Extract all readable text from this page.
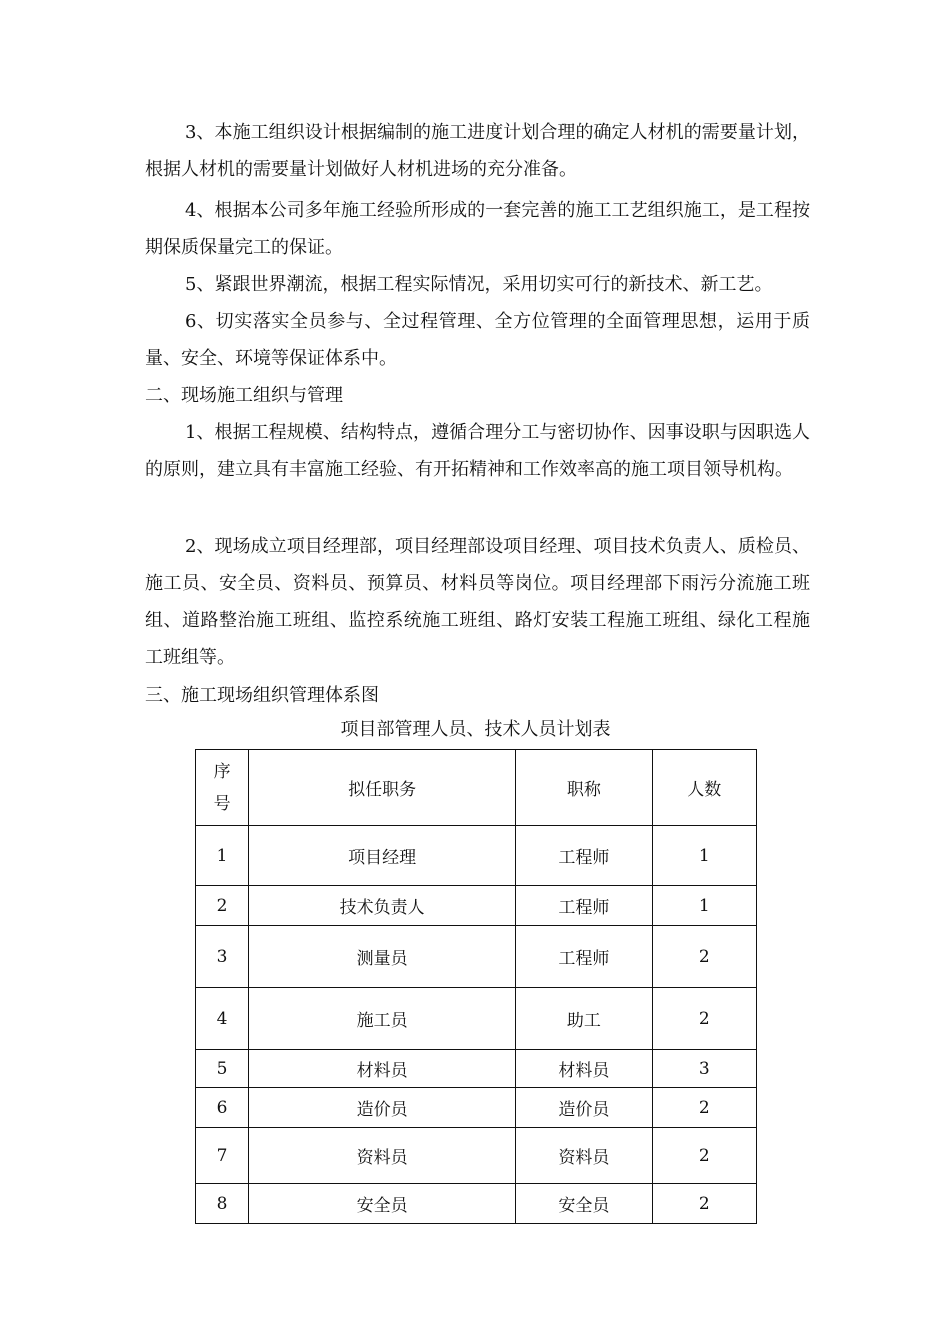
3、本施工组织设计根据编制的施工进度计划合理的确定人材机的需要量计划，根据人材机的需要量计划做好人材机进场的充分准备。

4、根据本公司多年施工经验所形成的一套完善的施工工艺组织施工，是工程按期保质保量完工的保证。

5、紧跟世界潮流，根据工程实际情况，采用切实可行的新技术、新工艺。

6、切实落实全员参与、全过程管理、全方位管理的全面管理思想，运用于质量、安全、环境等保证体系中。

二、现场施工组织与管理

1、根据工程规模、结构特点，遵循合理分工与密切协作、因事设职与因职选人的原则，建立具有丰富施工经验、有开拓精神和工作效率高的施工项目领导机构。

2、现场成立项目经理部，项目经理部设项目经理、项目技术负责人、质检员、施工员、安全员、资料员、预算员、材料员等岗位。项目经理部下雨污分流施工班组、道路整治施工班组、监控系统施工班组、路灯安装工程施工班组、绿化工程施工班组等。

三、施工现场组织管理体系图

项目部管理人员、技术人员计划表
序
号	拟任职务	职称	人数
1	项目经理	工程师	1
2	技术负责人	工程师	1
3	测量员	工程师	2
4	施工员	助工	2
5	材料员	材料员	3
6	造价员	造价员	2
7	资料员	资料员	2
8	安全员	安全员	2
